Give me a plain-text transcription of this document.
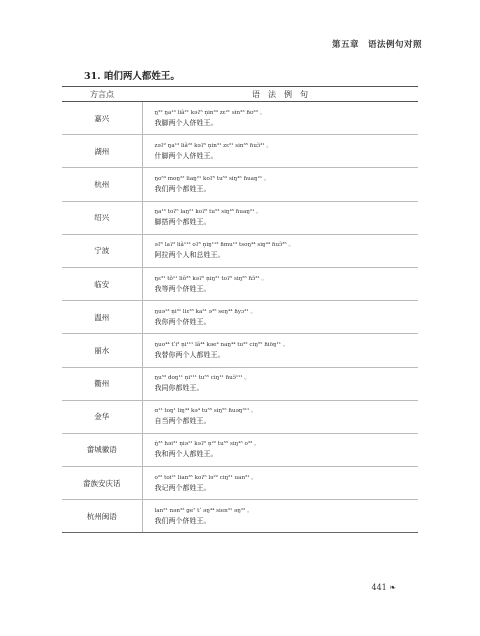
第五章　语法例句对照
31. 咱们两人都姓王。
方言点	语　法　例　句
嘉兴	ŋ²² ŋa¹³ liã²¹ kəʔ⁵ n̩in³³ zɛ²¹ sin³³ ɦʊ³³ 。
我脚两个人侪姓王。

湖州	zəʔ² ŋa¹³ liã²² kəʔ⁵ n̩in³¹ zɛ²¹ sin³⁵ ɦuɔ̃³¹ 。
什脚两个人侪姓王。

杭州	ŋo⁵³ moŋ²² liaŋ²¹ koʔ⁵ tu⁵³ siŋ⁴⁵ ɦuaŋ²¹ 。
我们两个都姓王。

绍兴	ŋa¹³ toʔ⁵ laŋ²¹ koʔ⁵ tu⁵³ siŋ⁴⁵ ɦuaŋ²¹ 。
脚搭两个都姓王。

宁波	əʔ⁵ laʔ² liã¹¹³ oʔ⁵ n̩iŋ¹¹³ ɦmu¹³ tsoŋ⁴⁴ siŋ⁴⁴ ɦuɔ̃³⁵ 。
阿拉两个人和总姓王。

临安	ŋɛ³¹ tõ¹¹ liõ³³ kəʔ⁵ n̩iŋ²¹ toʔ⁵ siŋ⁵⁵ ɦɔ̃³¹ 。
我等两个侪姓王。

温州	ŋuə¹³ n̩i³¹ liɛ³⁵ ka³¹ ə³⁵ seŋ⁴⁴ ɦyɔ³¹ 。
我你两个侪姓王。

丽水	ŋuo⁴⁴ tʻi³ n̩i¹¹¹ lã⁴⁴ kəe⁴ naŋ⁴⁴ tu³² ciŋ⁵⁵ ɦiöŋ¹¹ 。
我替你两个人都姓王。

衢州	ŋu⁵³ doŋ¹¹ n̩i¹¹¹ tu⁵⁵ ciŋ¹¹ ɦuɔ̃¹¹¹ 。
我同你都姓王。

金华	ɑ¹¹ toŋ¹ liŋ⁴⁴ kə⁴ tu⁵⁵ siŋ⁵⁵ ɦuəŋ³¹¹ 。
自当两个都姓王。

畲城徽语	ŋ̍³³ həi³¹ n̩iə¹¹ kəʔ⁵ n̩²² tu⁵⁵ siŋ⁴⁵ o³³ 。
我和两个人都姓王。

畲族安庆话	o²² toi²¹ lian³⁵ koʔ⁵ lə²² ciŋ²¹ uan³¹ 。
我记两个都姓王。

杭州闽语	lan²¹ nən²² ge⁷ tʻ əŋ⁴⁴ sien³¹ əŋ²² 。
我们两个侪姓王。
441 ❧
